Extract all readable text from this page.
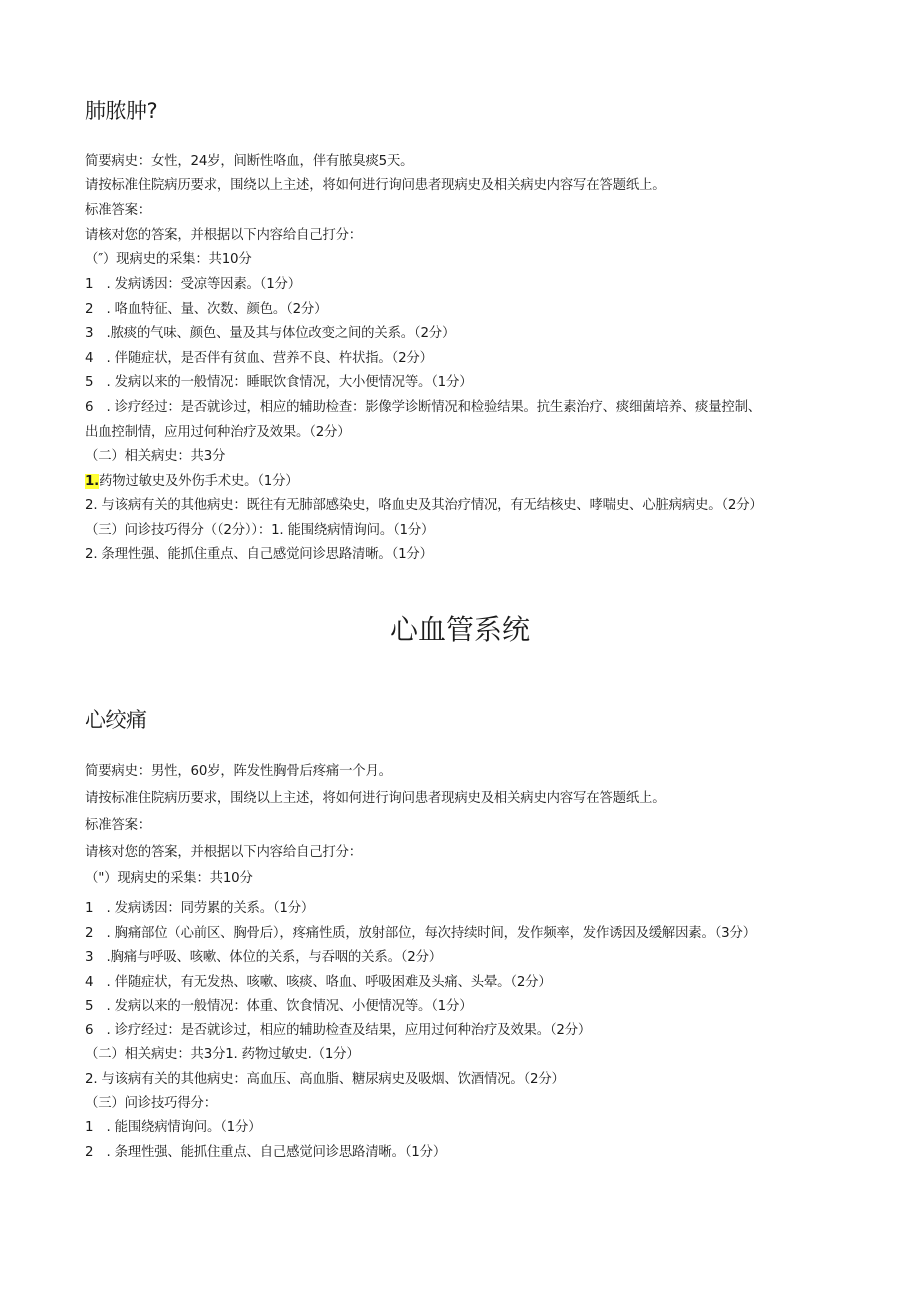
肺脓肿?
简要病史：女性，24岁，间断性咯血，伴有脓臭痰5天。
请按标准住院病历要求，围绕以上主述，将如何进行询问患者现病史及相关病史内容写在答题纸上。
标准答案：
请核对您的答案，并根据以下内容给自己打分：
（″）现病史的采集：共10分
1　. 发病诱因：受凉等因素。（1分）
2　. 咯血特征、量、次数、颜色。（2分）
3　.脓痰的气味、颜色、量及其与体位改变之间的关系。（2分）
4　. 伴随症状，是否伴有贫血、营养不良、杵状指。（2分）
5　. 发病以来的一般情况：睡眠饮食情况，大小便情况等。（1分）
6　. 诊疗经过：是否就诊过，相应的辅助检查：影像学诊断情况和检验结果。抗生素治疗、痰细菌培养、痰量控制、
出血控制情，应用过何种治疗及效果。（2分）
（二）相关病史：共3分
1.药物过敏史及外伤手术史。（1分）
2. 与该病有关的其他病史：既往有无肺部感染史，咯血史及其治疗情况，有无结核史、哮喘史、心脏病病史。（2分）
（三）问诊技巧得分（（2分））：1. 能围绕病情询问。（1分）
2. 条理性强、能抓住重点、自己感觉问诊思路清晰。（1分）
心血管系统
心绞痛
简要病史：男性，60岁，阵发性胸骨后疼痛一个月。
请按标准住院病历要求，围绕以上主述，将如何进行询问患者现病史及相关病史内容写在答题纸上。
标准答案：
请核对您的答案，并根据以下内容给自己打分：
（"）现病史的采集：共10分
1　. 发病诱因：同劳累的关系。（1分）
2　. 胸痛部位（心前区、胸骨后），疼痛性质，放射部位，每次持续时间，发作频率，发作诱因及缓解因素。（3分）
3　.胸痛与呼吸、咳嗽、体位的关系，与吞咽的关系。（2分）
4　. 伴随症状，有无发热、咳嗽、咳痰、咯血、呼吸困难及头痛、头晕。（2分）
5　. 发病以来的一般情况：体重、饮食情况、小便情况等。（1分）
6　. 诊疗经过：是否就诊过，相应的辅助检查及结果，应用过何种治疗及效果。（2分）
（二）相关病史：共3分1. 药物过敏史.（1分）
2. 与该病有关的其他病史：高血压、高血脂、糖尿病史及吸烟、饮酒情况。（2分）
（三）问诊技巧得分：
1　. 能围绕病情询问。（1分）
2　. 条理性强、能抓住重点、自己感觉问诊思路清晰。（1分）
